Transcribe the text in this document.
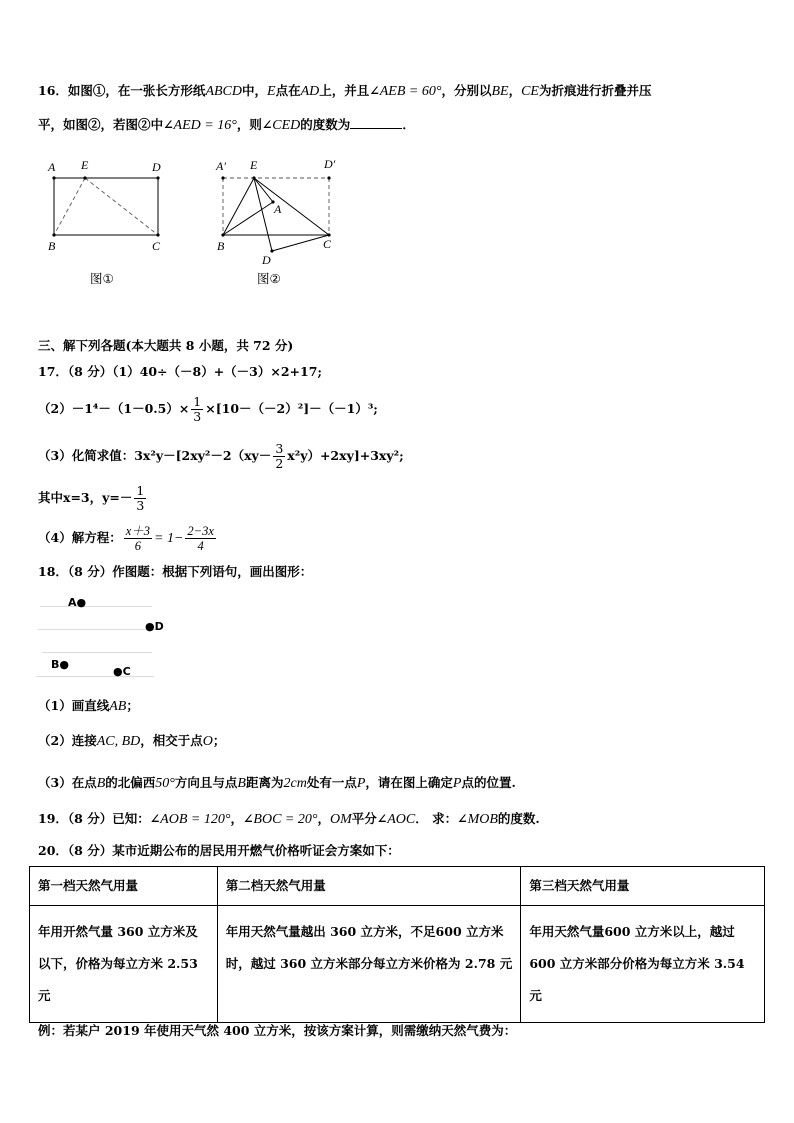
16．如图①，在一张长方形纸ABCD中，E点在AD上，并且∠AEB = 60°，分别以BE，CE为折痕进行折叠并压
平，如图②，若图②中∠AED = 16°，则∠CED的度数为	．
A E	D
B	C
图①
A′ E	D′
A
B	C
D
图②
三、解下列各题(本大题共 8 小题，共 72 分)
17．（8 分）（1）40÷（－8）+（－3）×2+17;
$(2)-1^4-(1-0.5)\times \frac{1}{3} \times[10-(-2)^2]-(-1)^3$;
（3）化简求值：$3x^2y-[2xy^2-2(xy- \frac{3}{2} x^2y)+2xy]+3xy^2$;
其中x=3，$y=- \frac{1}{3}$
（4）解方程： $\frac{x+3}{6} = 1- \frac{2-3x}{4}$
18．（8 分）作图题：根据下列语句，画出图形：
A●
●D
B●
●C
（1）画直线AB；
（2）连接AC, BD，相交于点O；
（3）在点B的北偏西50°方向且与点B距离为2cm处有一点P，请在图上确定P点的位置.
19．（8 分）已知：∠AOB = 120°，∠BOC = 20°，OM平分∠AOC． 求：∠MOB的度数.
20．（8 分）某市近期公布的居民用开燃气价格听证会方案如下：
第一档天然气用量	第二档天然气用量	第三档天然气用量
年用开然气量 360 立方米及以下，价格为每立方米 2.53 元	年用天然气量越出 360 立方米，不足600 立方米时，越过 360 立方米部分每立方米价格为 2.78 元	年用天然气量600 立方米以上，越过600 立方米部分价格为每立方米 3.54 元
例：若某户 2019 年使用天气然 400 立方米，按该方案计算，则需缴纳天然气费为：
